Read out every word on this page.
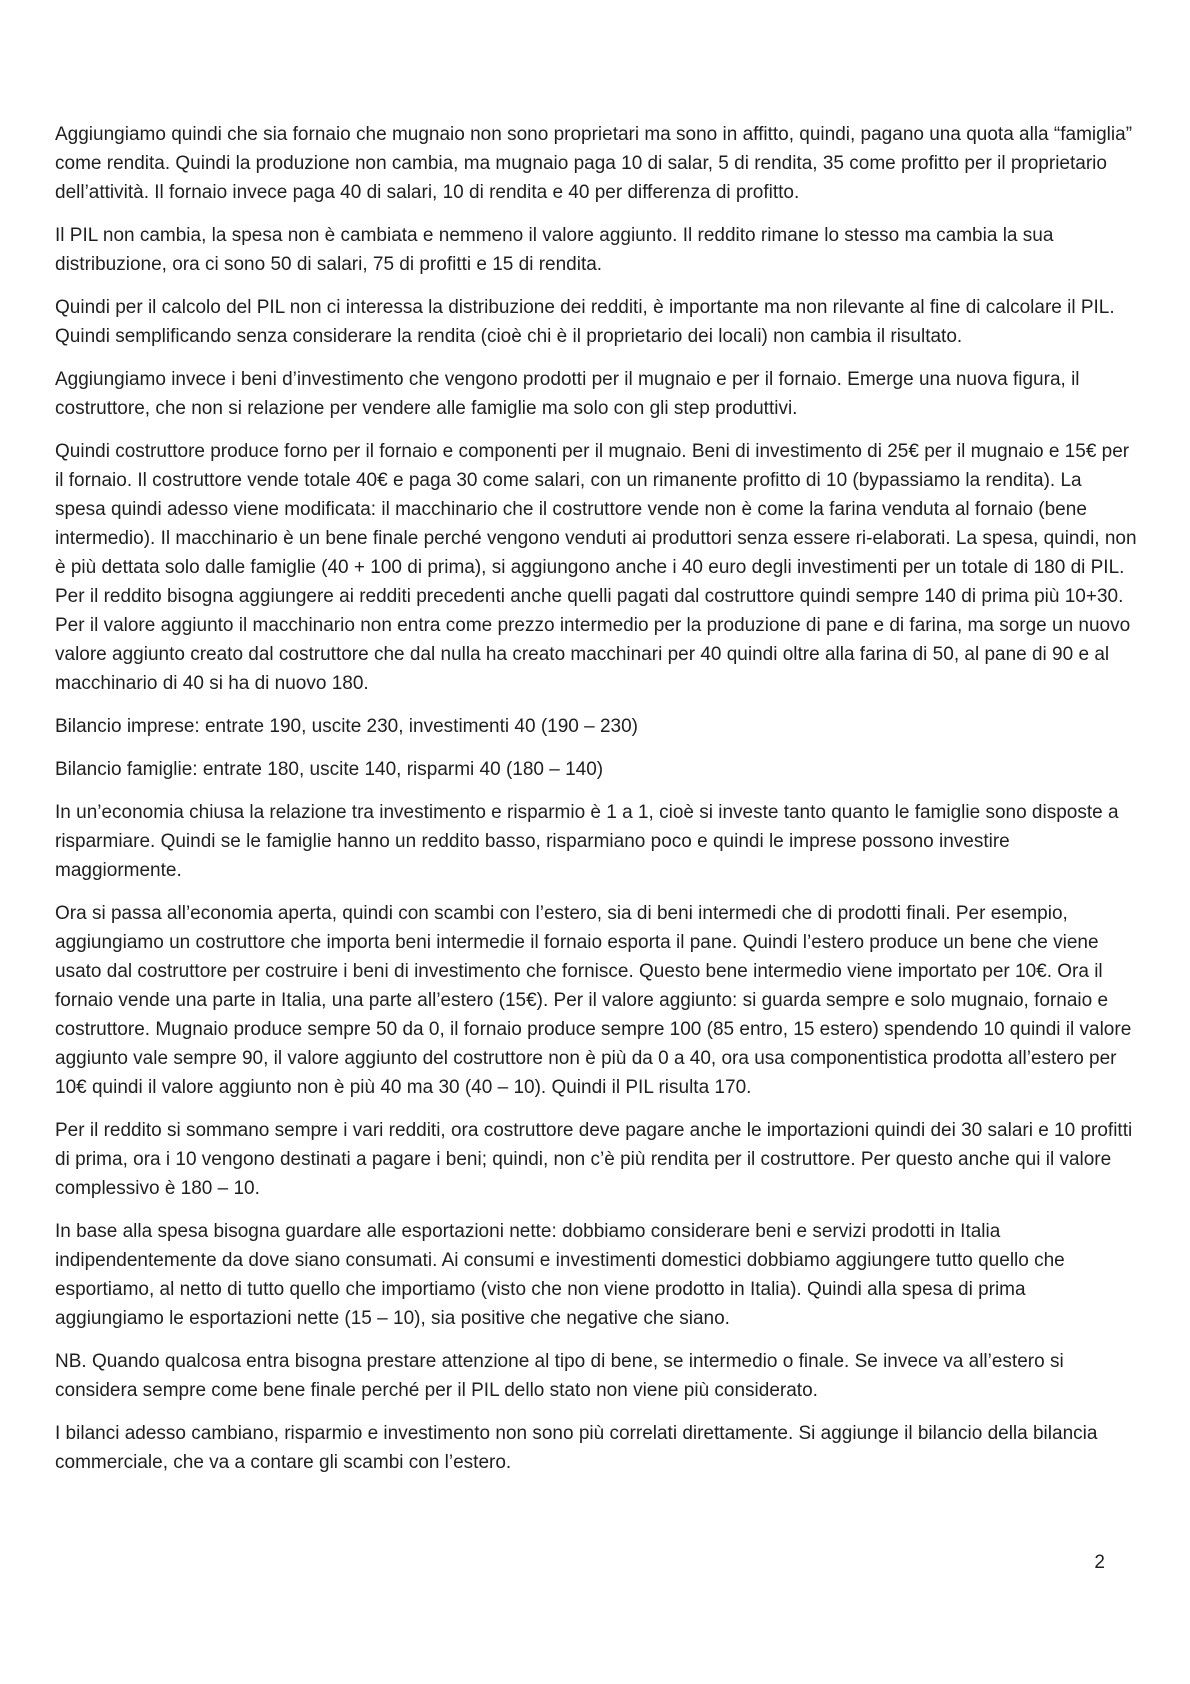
Aggiungiamo quindi che sia fornaio che mugnaio non sono proprietari ma sono in affitto, quindi, pagano una quota alla “famiglia” come rendita. Quindi la produzione non cambia, ma mugnaio paga 10 di salar, 5 di rendita, 35 come profitto per il proprietario dell’attività. Il fornaio invece paga 40 di salari, 10 di rendita e 40 per differenza di profitto.

Il PIL non cambia, la spesa non è cambiata e nemmeno il valore aggiunto. Il reddito rimane lo stesso ma cambia la sua distribuzione, ora ci sono 50 di salari, 75 di profitti e 15 di rendita.

Quindi per il calcolo del PIL non ci interessa la distribuzione dei redditi, è importante ma non rilevante al fine di calcolare il PIL. Quindi semplificando senza considerare la rendita (cioè chi è il proprietario dei locali) non cambia il risultato.

Aggiungiamo invece i beni d’investimento che vengono prodotti per il mugnaio e per il fornaio. Emerge una nuova figura, il costruttore, che non si relazione per vendere alle famiglie ma solo con gli step produttivi.

Quindi costruttore produce forno per il fornaio e componenti per il mugnaio. Beni di investimento di 25€ per il mugnaio e 15€ per il fornaio. Il costruttore vende totale 40€ e paga 30 come salari, con un rimanente profitto di 10 (bypassiamo la rendita). La spesa quindi adesso viene modificata: il macchinario che il costruttore vende non è come la farina venduta al fornaio (bene intermedio). Il macchinario è un bene finale perché vengono venduti ai produttori senza essere ri-elaborati. La spesa, quindi, non è più dettata solo dalle famiglie (40 + 100 di prima), si aggiungono anche i 40 euro degli investimenti per un totale di 180 di PIL. Per il reddito bisogna aggiungere ai redditi precedenti anche quelli pagati dal costruttore quindi sempre 140 di prima più 10+30. Per il valore aggiunto il macchinario non entra come prezzo intermedio per la produzione di pane e di farina, ma sorge un nuovo valore aggiunto creato dal costruttore che dal nulla ha creato macchinari per 40 quindi oltre alla farina di 50, al pane di 90 e al macchinario di 40 si ha di nuovo 180.

Bilancio imprese: entrate 190, uscite 230, investimenti 40 (190 – 230)

Bilancio famiglie: entrate 180, uscite 140, risparmi 40 (180 – 140)

In un’economia chiusa la relazione tra investimento e risparmio è 1 a 1, cioè si investe tanto quanto le famiglie sono disposte a risparmiare. Quindi se le famiglie hanno un reddito basso, risparmiano poco e quindi le imprese possono investire maggiormente.

Ora si passa all’economia aperta, quindi con scambi con l’estero, sia di beni intermedi che di prodotti finali. Per esempio, aggiungiamo un costruttore che importa beni intermedie il fornaio esporta il pane. Quindi l’estero produce un bene che viene usato dal costruttore per costruire i beni di investimento che fornisce. Questo bene intermedio viene importato per 10€. Ora il fornaio vende una parte in Italia, una parte all’estero (15€). Per il valore aggiunto: si guarda sempre e solo mugnaio, fornaio e costruttore. Mugnaio produce sempre 50 da 0, il fornaio produce sempre 100 (85 entro, 15 estero) spendendo 10 quindi il valore aggiunto vale sempre 90, il valore aggiunto del costruttore non è più da 0 a 40, ora usa componentistica prodotta all’estero per 10€ quindi il valore aggiunto non è più 40 ma 30 (40 – 10). Quindi il PIL risulta 170.

Per il reddito si sommano sempre i vari redditi, ora costruttore deve pagare anche le importazioni quindi dei 30 salari e 10 profitti di prima, ora i 10 vengono destinati a pagare i beni; quindi, non c’è più rendita per il costruttore. Per questo anche qui il valore complessivo è 180 – 10.

In base alla spesa bisogna guardare alle esportazioni nette: dobbiamo considerare beni e servizi prodotti in Italia indipendentemente da dove siano consumati. Ai consumi e investimenti domestici dobbiamo aggiungere tutto quello che esportiamo, al netto di tutto quello che importiamo (visto che non viene prodotto in Italia). Quindi alla spesa di prima aggiungiamo le esportazioni nette (15 – 10), sia positive che negative che siano.

NB. Quando qualcosa entra bisogna prestare attenzione al tipo di bene, se intermedio o finale. Se invece va all’estero si considera sempre come bene finale perché per il PIL dello stato non viene più considerato.

I bilanci adesso cambiano, risparmio e investimento non sono più correlati direttamente. Si aggiunge il bilancio della bilancia commerciale, che va a contare gli scambi con l’estero.

2
